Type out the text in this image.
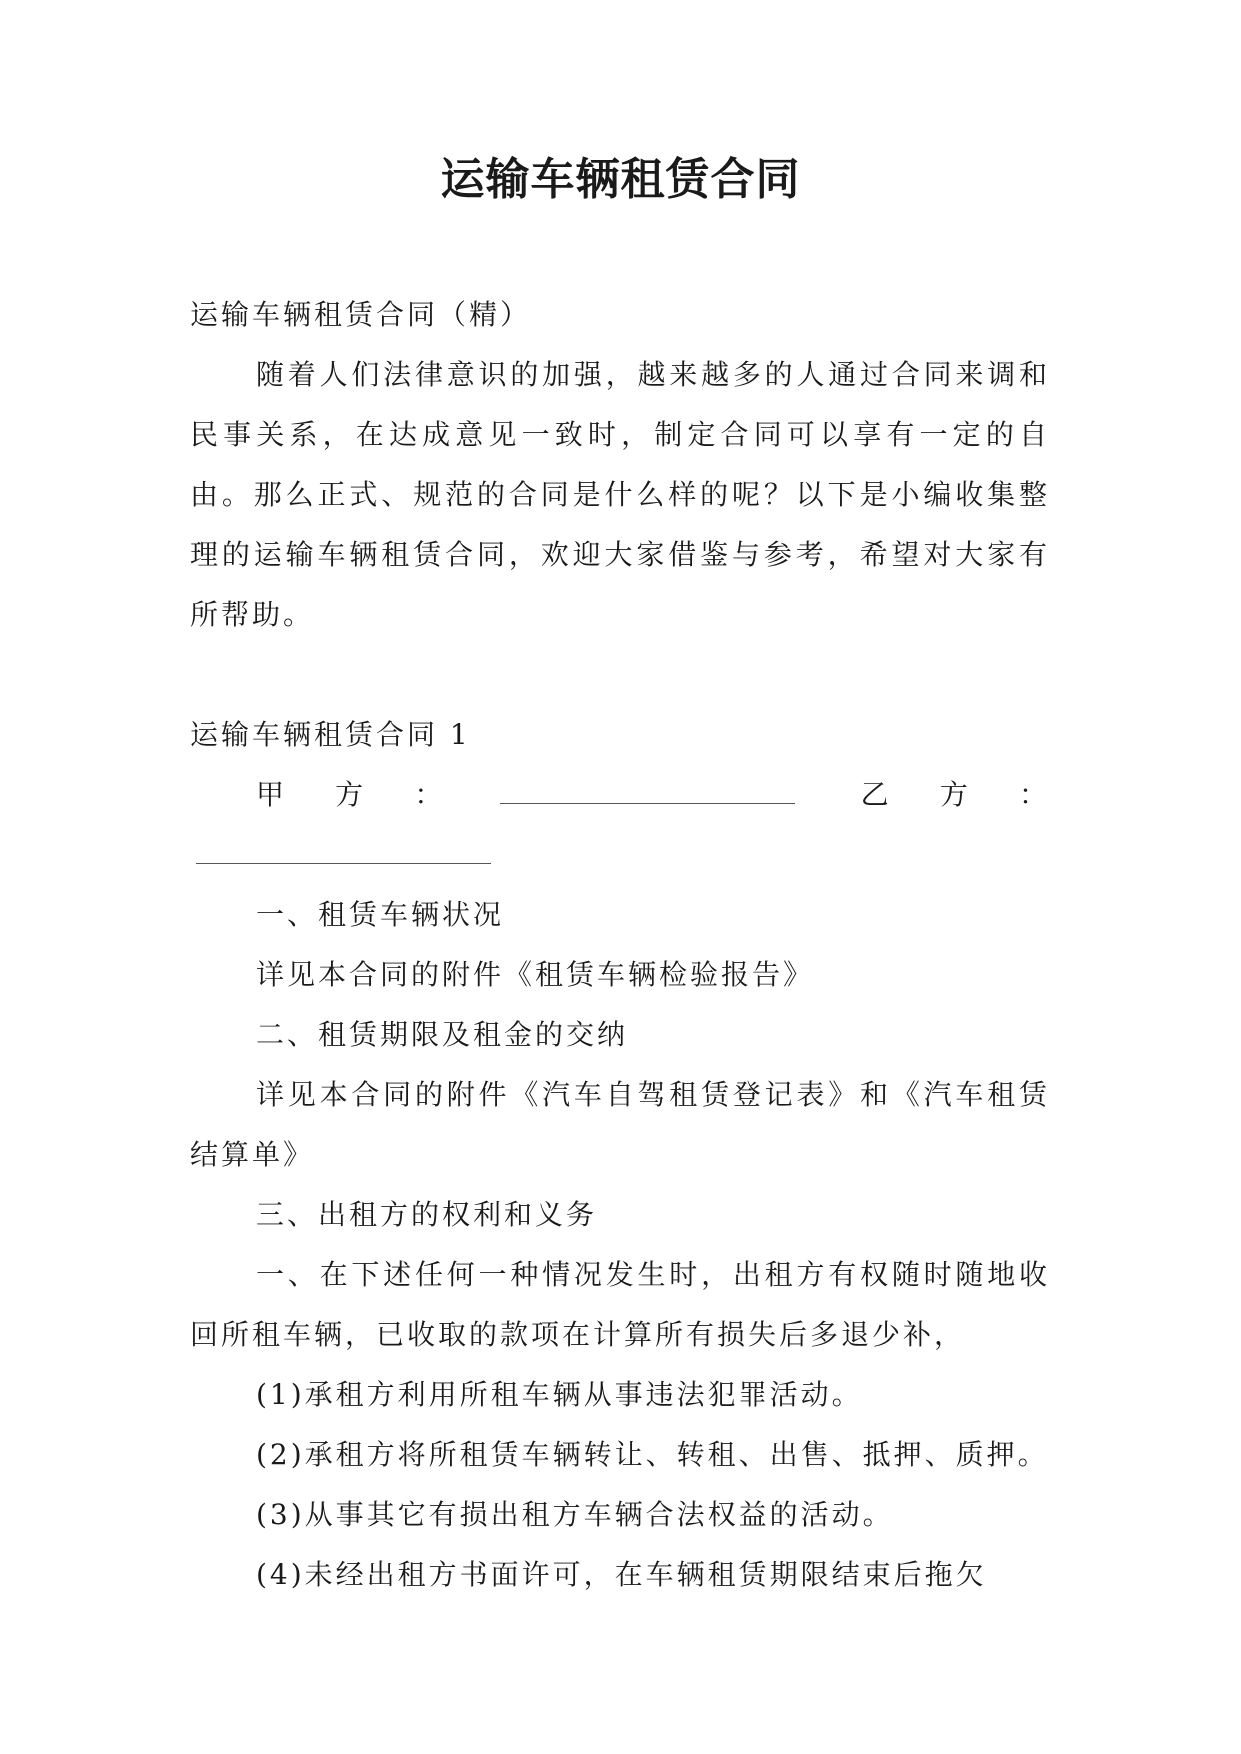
运输车辆租赁合同

运输车辆租赁合同（精）

随着人们法律意识的加强，越来越多的人通过合同来调和民事关系，在达成意见一致时，制定合同可以享有一定的自由。那么正式、规范的合同是什么样的呢？以下是小编收集整理的运输车辆租赁合同，欢迎大家借鉴与参考，希望对大家有所帮助。

运输车辆租赁合同 1

甲方：	乙方：

一、租赁车辆状况

详见本合同的附件《租赁车辆检验报告》

二、租赁期限及租金的交纳

详见本合同的附件《汽车自驾租赁登记表》和《汽车租赁结算单》

三、出租方的权利和义务

一、在下述任何一种情况发生时，出租方有权随时随地收回所租车辆，已收取的款项在计算所有损失后多退少补，

(1)承租方利用所租车辆从事违法犯罪活动。

(2)承租方将所租赁车辆转让、转租、出售、抵押、质押。

(3)从事其它有损出租方车辆合法权益的活动。

(4)未经出租方书面许可，在车辆租赁期限结束后拖欠
